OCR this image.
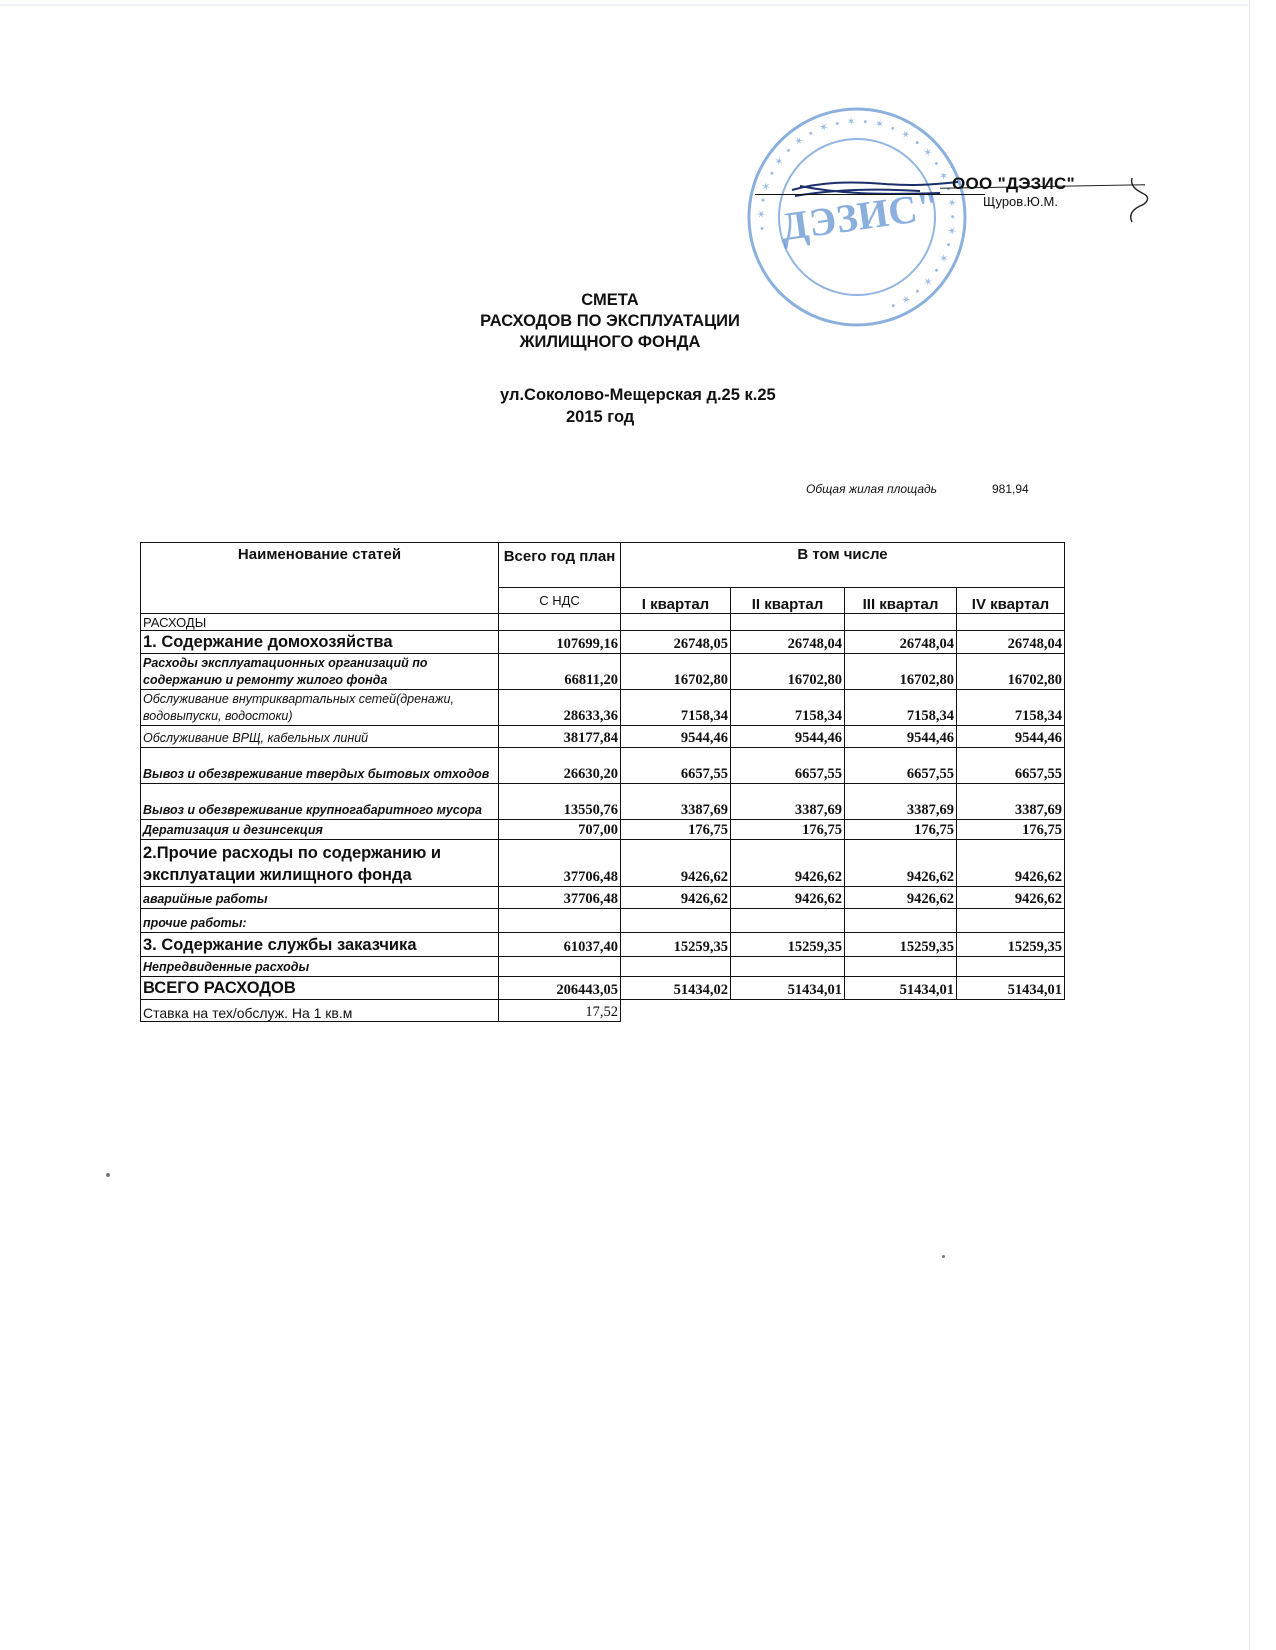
• ✶ • ✶ • ✶ • ✶ • ✶ • ✶ • ✶ • ✶ • ✶ • ✶ • ✶ • ✶ • ✶ • ✶ • ✶ •
ДЭЗИС" ООО "ДЭЗИС"
Щуров.Ю.М.
СМЕТА
РАСХОДОВ ПО ЭКСПЛУАТАЦИИ
ЖИЛИЩНОГО ФОНДА
ул.Соколово-Мещерская д.25 к.25
2015 год
Общая жилая площадь	981,94
Наименование статей	Всего год план	В том числе			
	С НДС	I квартал	II квартал	III квартал	IV квартал
РАСХОДЫ					
1. Содержание домохозяйства	107699,16	26748,05	26748,04	26748,04	26748,04
Расходы эксплуатационных организаций по содержанию и ремонту жилого фонда	66811,20	16702,80	16702,80	16702,80	16702,80
Обслуживание внутриквартальных сетей(дренажи, водовыпуски, водостоки)	28633,36	7158,34	7158,34	7158,34	7158,34
Обслуживание ВРЩ, кабельных линий	38177,84	9544,46	9544,46	9544,46	9544,46
Вывоз и обезвреживание твердых бытовых отходов	26630,20	6657,55	6657,55	6657,55	6657,55
Вывоз и обезвреживание крупногабаритного мусора	13550,76	3387,69	3387,69	3387,69	3387,69
Дератизация и дезинсекция	707,00	176,75	176,75	176,75	176,75
2.Прочие расходы по содержанию и эксплуатации жилищного фонда	37706,48	9426,62	9426,62	9426,62	9426,62
аварийные работы	37706,48	9426,62	9426,62	9426,62	9426,62
прочие работы:					
3. Содержание службы заказчика	61037,40	15259,35	15259,35	15259,35	15259,35
Непредвиденные расходы					
ВСЕГО РАСХОДОВ	206443,05	51434,02	51434,01	51434,01	51434,01
Ставка на тех/обслуж. На 1 кв.м	17,52				
